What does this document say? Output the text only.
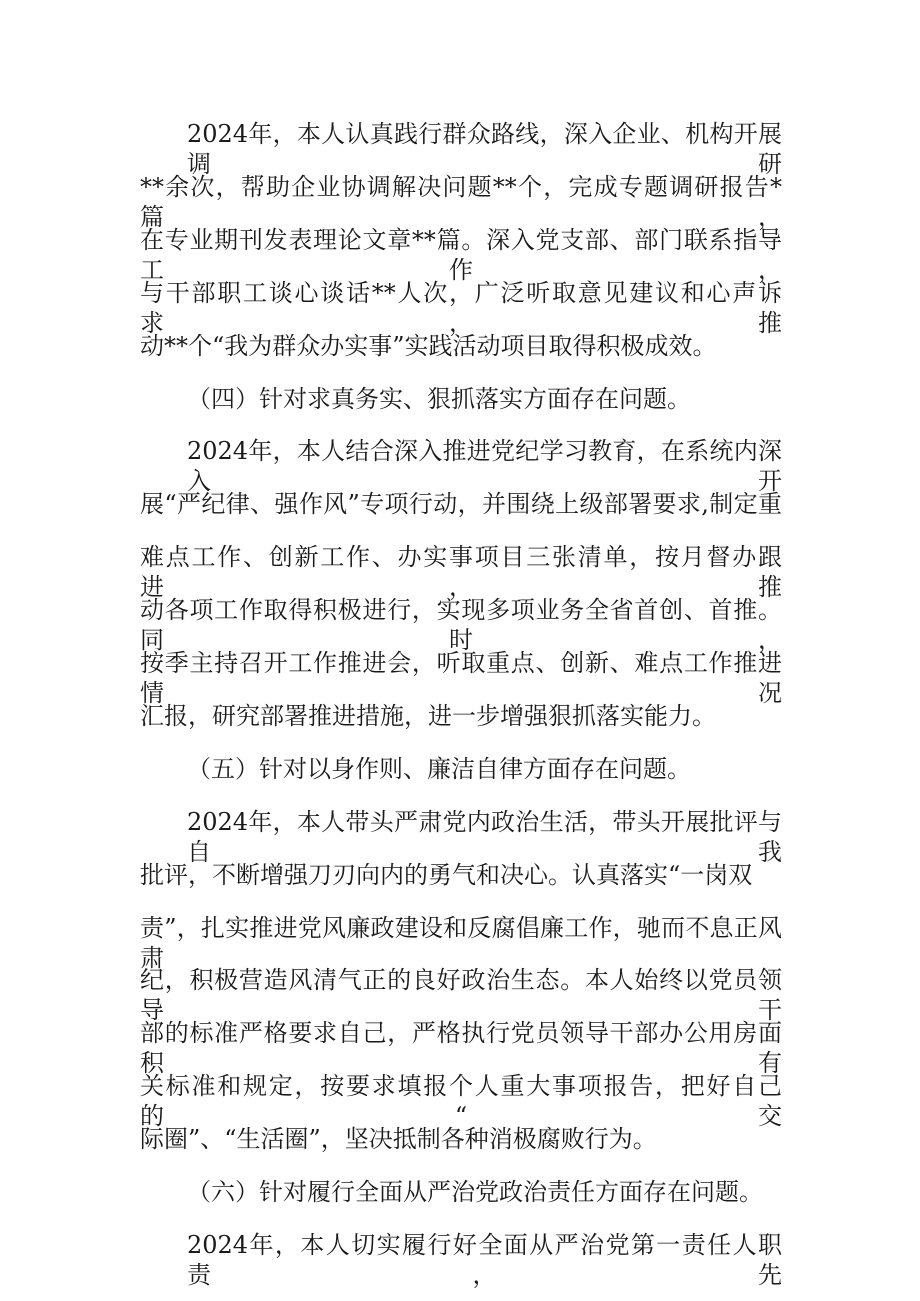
2024年，本人认真践行群众路线，深入企业、机构开展调研
**余次，帮助企业协调解决问题**个，完成专题调研报告*篇，
在专业期刊发表理论文章**篇。深入党支部、部门联系指导工作，
与干部职工谈心谈话**人次，广泛听取意见建议和心声诉求，推
动**个“我为群众办实事”实践活动项目取得积极成效。
（四）针对求真务实、狠抓落实方面存在问题。
2024年，本人结合深入推进党纪学习教育，在系统内深入开
展“严纪律、强作风”专项行动，并围绕上级部署要求,制定重
难点工作、创新工作、办实事项目三张清单，按月督办跟进，推
动各项工作取得积极进行，实现多项业务全省首创、首推。同时，
按季主持召开工作推进会，听取重点、创新、难点工作推进情况
汇报，研究部署推进措施，进一步增强狠抓落实能力。
（五）针对以身作则、廉洁自律方面存在问题。
2024年，本人带头严肃党内政治生活，带头开展批评与自我
批评，不断增强刀刃向内的勇气和决心。认真落实“一岗双
责”，扎实推进党风廉政建设和反腐倡廉工作，驰而不息正风肃
纪，积极营造风清气正的良好政治生态。本人始终以党员领导干
部的标准严格要求自己，严格执行党员领导干部办公用房面积有
关标准和规定，按要求填报个人重大事项报告，把好自己的“交
际圈”、“生活圈”，坚决抵制各种消极腐败行为。
（六）针对履行全面从严治党政治责任方面存在问题。
2024年，本人切实履行好全面从严治党第一责任人职责，先
